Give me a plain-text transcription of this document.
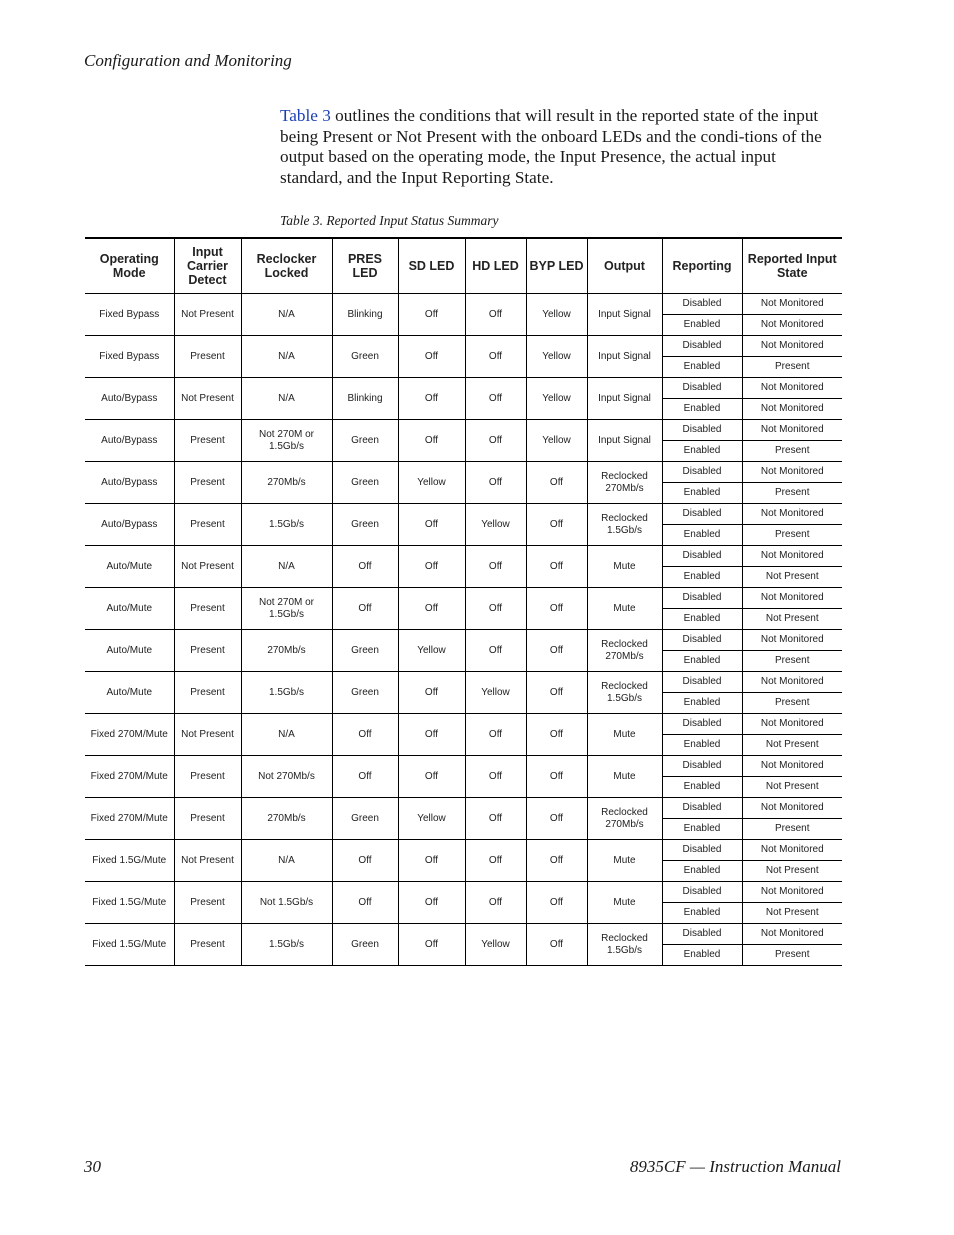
Configuration and Monitoring

Table 3 outlines the conditions that will result in the reported state of the input being Present or Not Present with the onboard LEDs and the condi-tions of the output based on the operating mode, the Input Presence, the actual input standard, and the Input Reporting State.

Table 3. Reported Input Status Summary
Operating Mode	Input Carrier Detect	Reclocker Locked	PRES LED	SD LED	HD LED	BYP LED	Output	Reporting	Reported Input State
Fixed Bypass	Not Present	N/A	Blinking	Off	Off	Yellow	Input Signal	Disabled	Not Monitored
								Enabled	Not Monitored
Fixed Bypass	Present	N/A	Green	Off	Off	Yellow	Input Signal	Disabled	Not Monitored
								Enabled	Present
Auto/Bypass	Not Present	N/A	Blinking	Off	Off	Yellow	Input Signal	Disabled	Not Monitored
								Enabled	Not Monitored
Auto/Bypass	Present	Not 270M or 1.5Gb/s	Green	Off	Off	Yellow	Input Signal	Disabled	Not Monitored
								Enabled	Present
Auto/Bypass	Present	270Mb/s	Green	Yellow	Off	Off	Reclocked 270Mb/s	Disabled	Not Monitored
								Enabled	Present
Auto/Bypass	Present	1.5Gb/s	Green	Off	Yellow	Off	Reclocked 1.5Gb/s	Disabled	Not Monitored
								Enabled	Present
Auto/Mute	Not Present	N/A	Off	Off	Off	Off	Mute	Disabled	Not Monitored
								Enabled	Not Present
Auto/Mute	Present	Not 270M or 1.5Gb/s	Off	Off	Off	Off	Mute	Disabled	Not Monitored
								Enabled	Not Present
Auto/Mute	Present	270Mb/s	Green	Yellow	Off	Off	Reclocked 270Mb/s	Disabled	Not Monitored
								Enabled	Present
Auto/Mute	Present	1.5Gb/s	Green	Off	Yellow	Off	Reclocked 1.5Gb/s	Disabled	Not Monitored
								Enabled	Present
Fixed 270M/Mute	Not Present	N/A	Off	Off	Off	Off	Mute	Disabled	Not Monitored
								Enabled	Not Present
Fixed 270M/Mute	Present	Not 270Mb/s	Off	Off	Off	Off	Mute	Disabled	Not Monitored
								Enabled	Not Present
Fixed 270M/Mute	Present	270Mb/s	Green	Yellow	Off	Off	Reclocked 270Mb/s	Disabled	Not Monitored
								Enabled	Present
Fixed 1.5G/Mute	Not Present	N/A	Off	Off	Off	Off	Mute	Disabled	Not Monitored
								Enabled	Not Present
Fixed 1.5G/Mute	Present	Not 1.5Gb/s	Off	Off	Off	Off	Mute	Disabled	Not Monitored
								Enabled	Not Present
Fixed 1.5G/Mute	Present	1.5Gb/s	Green	Off	Yellow	Off	Reclocked 1.5Gb/s	Disabled	Not Monitored
								Enabled	Present
30	8935CF — Instruction Manual
